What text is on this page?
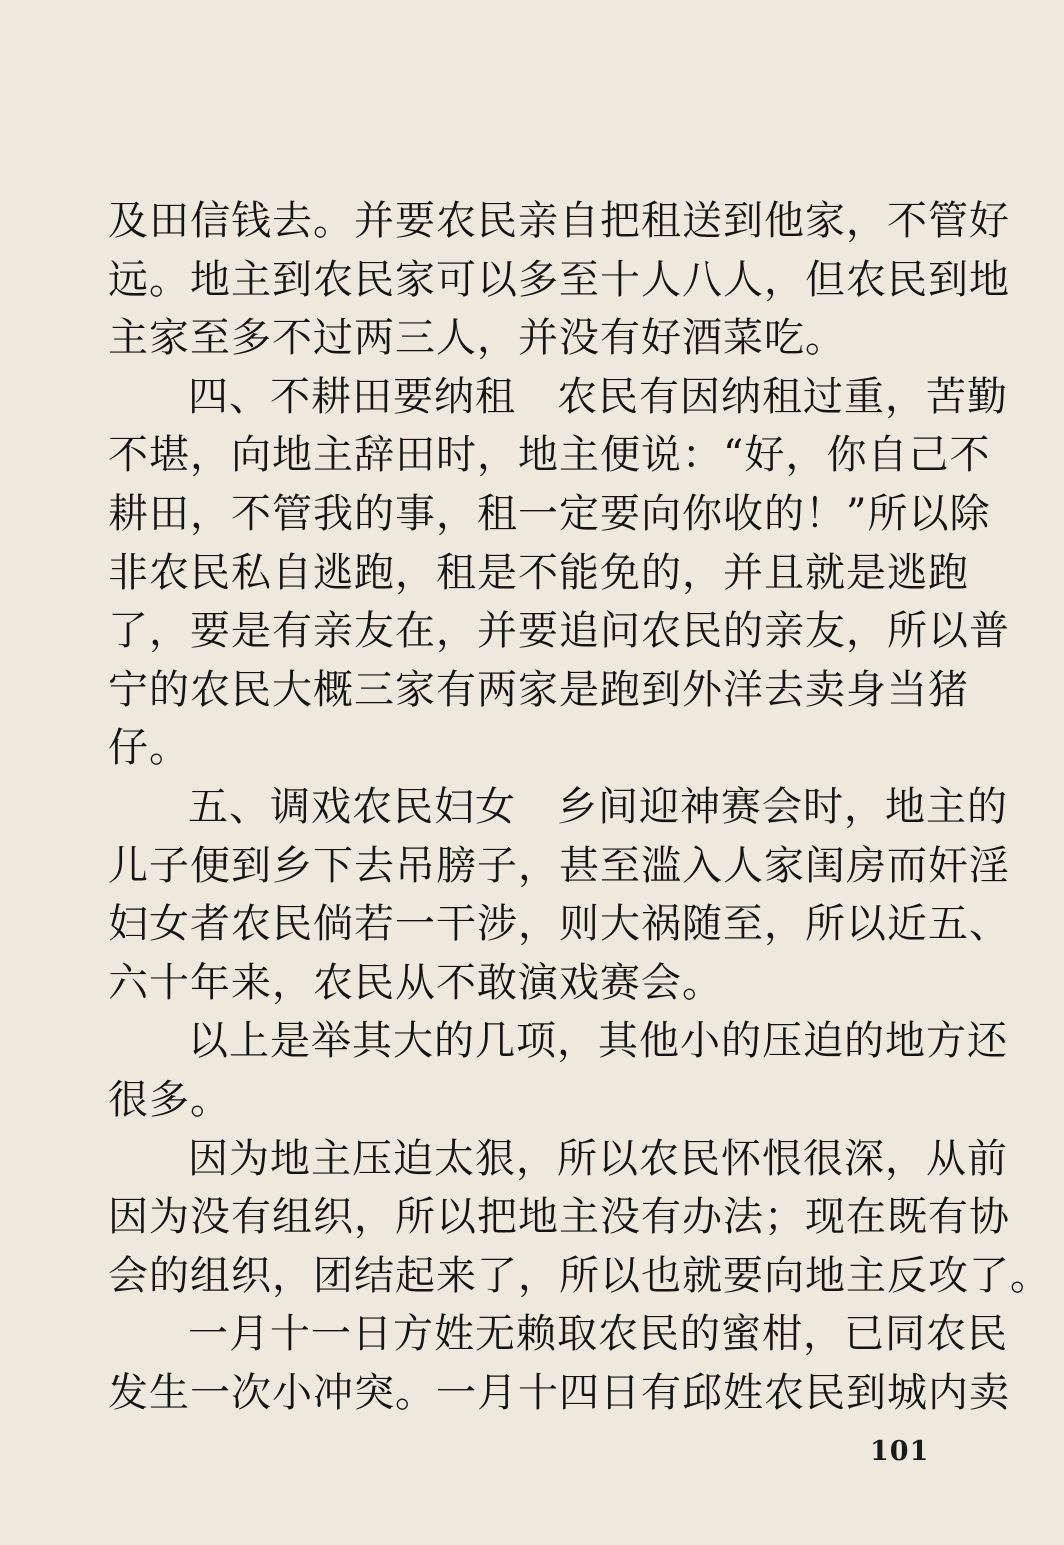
及田信钱去。并要农民亲自把租送到他家，不管好
远。地主到农民家可以多至十人八人，但农民到地
主家至多不过两三人，并没有好酒菜吃。
四、不耕田要纳租　农民有因纳租过重，苦勤
不堪，向地主辞田时，地主便说：“好，你自己不
耕田，不管我的事，租一定要向你收的！”所以除
非农民私自逃跑，租是不能免的，并且就是逃跑
了，要是有亲友在，并要追问农民的亲友，所以普
宁的农民大概三家有两家是跑到外洋去卖身当猪
仔。
五、调戏农民妇女　乡间迎神赛会时，地主的
儿子便到乡下去吊膀子，甚至滥入人家闺房而奸淫
妇女者农民倘若一干涉，则大祸随至，所以近五、
六十年来，农民从不敢演戏赛会。
以上是举其大的几项，其他小的压迫的地方还
很多。
因为地主压迫太狠，所以农民怀恨很深，从前
因为没有组织，所以把地主没有办法；现在既有协
会的组织，团结起来了，所以也就要向地主反攻了。
一月十一日方姓无赖取农民的蜜柑，已同农民
发生一次小冲突。一月十四日有邱姓农民到城内卖
101
